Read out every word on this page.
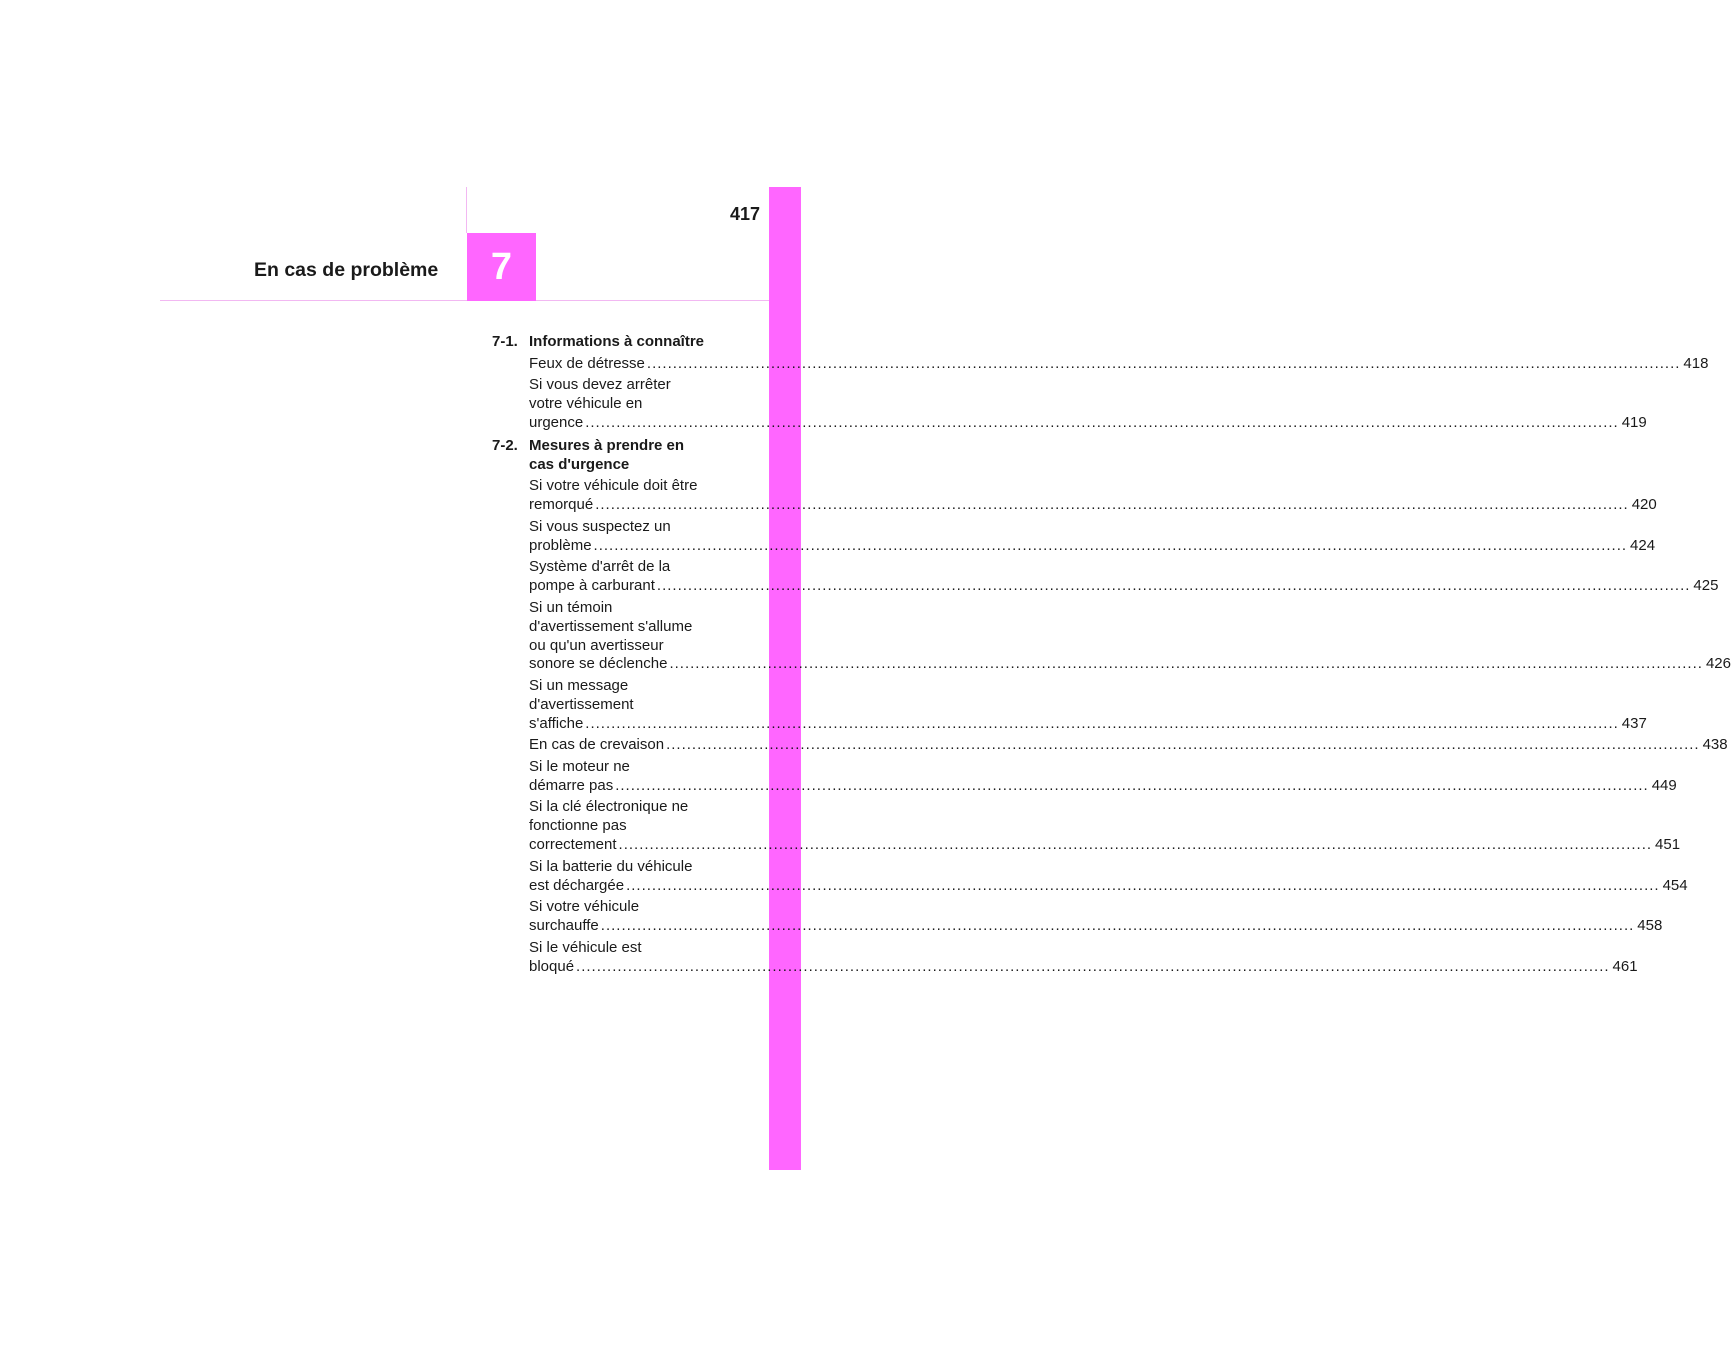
417
En cas de problème 7
7-1. Informations à connaître
Feux de détresse ........................................................................................................................................................................................................ 418
Si vous devez arrêter
votre véhicule en
urgence ........................................................................................................................................................................................................ 419
7-2. Mesures à prendre en
cas d'urgence
Si votre véhicule doit être
remorqué ........................................................................................................................................................................................................ 420
Si vous suspectez un
problème ........................................................................................................................................................................................................ 424
Système d'arrêt de la
pompe à carburant ........................................................................................................................................................................................................ 425
Si un témoin
d'avertissement s'allume
ou qu'un avertisseur
sonore se déclenche ........................................................................................................................................................................................................ 426
Si un message
d'avertissement
s'affiche ........................................................................................................................................................................................................ 437
En cas de crevaison ........................................................................................................................................................................................................ 438
Si le moteur ne
démarre pas ........................................................................................................................................................................................................ 449
Si la clé électronique ne
fonctionne pas
correctement ........................................................................................................................................................................................................ 451
Si la batterie du véhicule
est déchargée ........................................................................................................................................................................................................ 454
Si votre véhicule
surchauffe ........................................................................................................................................................................................................ 458
Si le véhicule est
bloqué ........................................................................................................................................................................................................ 461
